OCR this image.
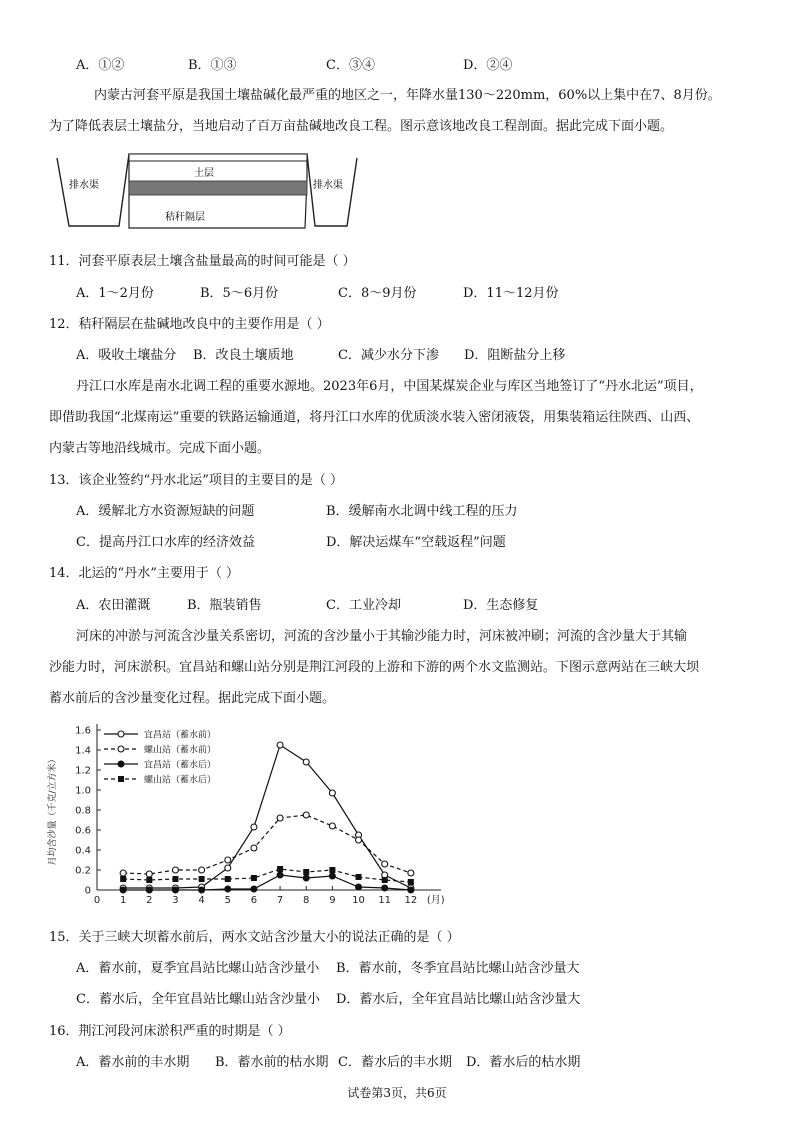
A．①②	B．①③	C．③④	D．②④
内蒙古河套平原是我国土壤盐碱化最严重的地区之一，年降水量130～220mm，60%以上集中在7、8月份。
为了降低表层土壤盐分，当地启动了百万亩盐碱地改良工程。图示意该地改良工程剖面。据此完成下面小题。
排水渠	排水渠
土层
秸秆隔层
11．河套平原表层土壤含盐量最高的时间可能是（ ）
A．1～2月份	B．5～6月份	C．8～9月份	D．11～12月份
12．秸秆隔层在盐碱地改良中的主要作用是（ ）
A．吸收土壤盐分 B．改良土壤质地	C．减少水分下渗 D．阻断盐分上移
丹江口水库是南水北调工程的重要水源地。2023年6月，中国某煤炭企业与库区当地签订了“丹水北运”项目，
即借助我国“北煤南运”重要的铁路运输通道，将丹江口水库的优质淡水装入密闭液袋，用集装箱运往陕西、山西、
内蒙古等地沿线城市。完成下面小题。
13．该企业签约“丹水北运”项目的主要目的是（ ）
A．缓解北方水资源短缺的问题	B．缓解南水北调中线工程的压力
C．提高丹江口水库的经济效益	D．解决运煤车“空载返程”问题
14．北运的“丹水”主要用于（ ）
A．农田灌溉	B．瓶装销售	C．工业冷却	D．生态修复
河床的冲淤与河流含沙量关系密切，河流的含沙量小于其输沙能力时，河床被冲刷；河流的含沙量大于其输
沙能力时，河床淤积。宜昌站和螺山站分别是荆江河段的上游和下游的两个水文监测站。下图示意两站在三峡大坝
蓄水前后的含沙量变化过程。据此完成下面小题。
0
0.2
0.4
0.6
0.8
1.0
1.2
1.4
1.6
0 1 2 3 4 5 6 7 8 9 10 11 12 (月)
月均含沙量（千克/立方米）
宜昌站（蓄水前）
螺山站（蓄水前）
宜昌站（蓄水后）
螺山站（蓄水后）
15．关于三峡大坝蓄水前后，两水文站含沙量大小的说法正确的是（ ）
A．蓄水前，夏季宜昌站比螺山站含沙量小 B．蓄水前，冬季宜昌站比螺山站含沙量大
C．蓄水后，全年宜昌站比螺山站含沙量小 D．蓄水后，全年宜昌站比螺山站含沙量大
16．荆江河段河床淤积严重的时期是（ ）
A．蓄水前的丰水期 B．蓄水前的枯水期 C．蓄水后的丰水期 D．蓄水后的枯水期
试卷第3页，共6页
